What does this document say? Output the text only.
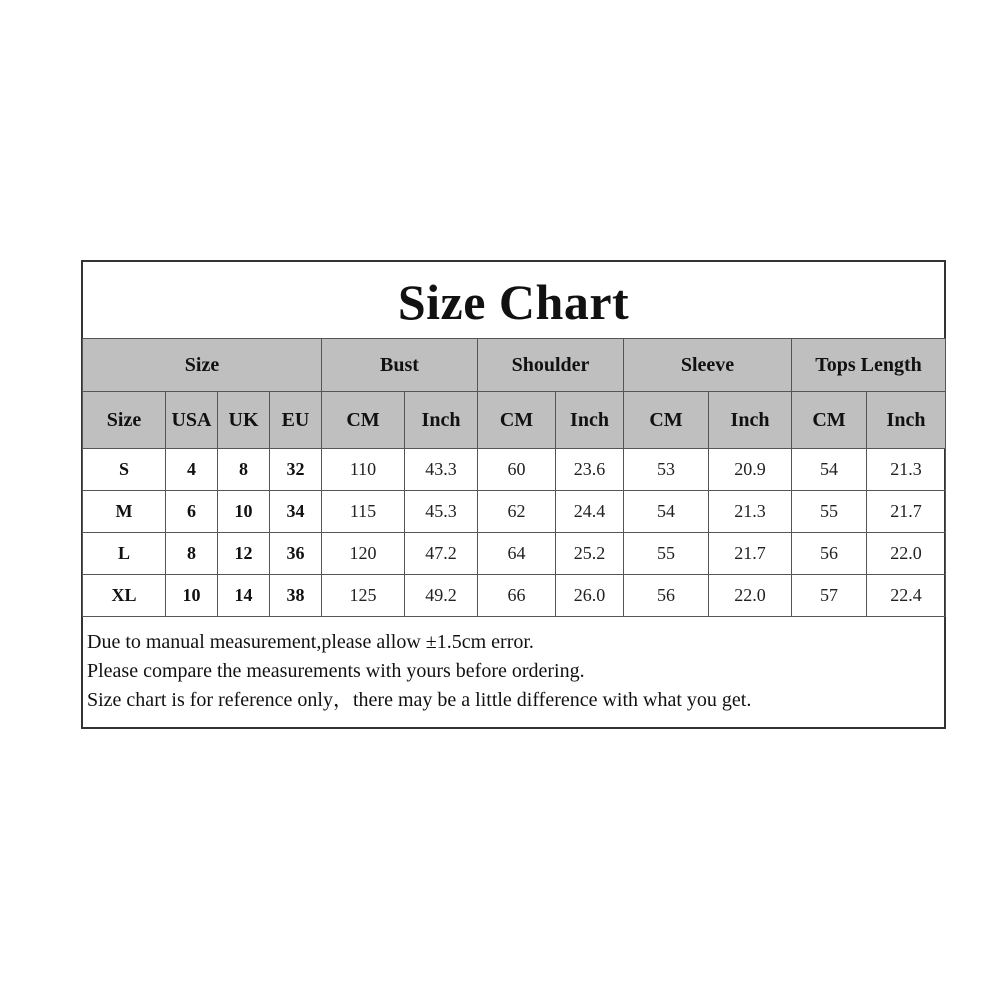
Size Chart
Size				Bust		Shoulder		Sleeve		Tops Length	
Size	USA	UK	EU	CM	Inch	CM	Inch	CM	Inch	CM	Inch
S	4	8	32	110	43.3	60	23.6	53	20.9	54	21.3
M	6	10	34	115	45.3	62	24.4	54	21.3	55	21.7
L	8	12	36	120	47.2	64	25.2	55	21.7	56	22.0
XL	10	14	38	125	49.2	66	26.0	56	22.0	57	22.4
Due to manual measurement,please allow ±1.5cm error.
Please compare the measurements with yours before ordering.
Size chart is for reference only，there may be a little difference with what you get.
